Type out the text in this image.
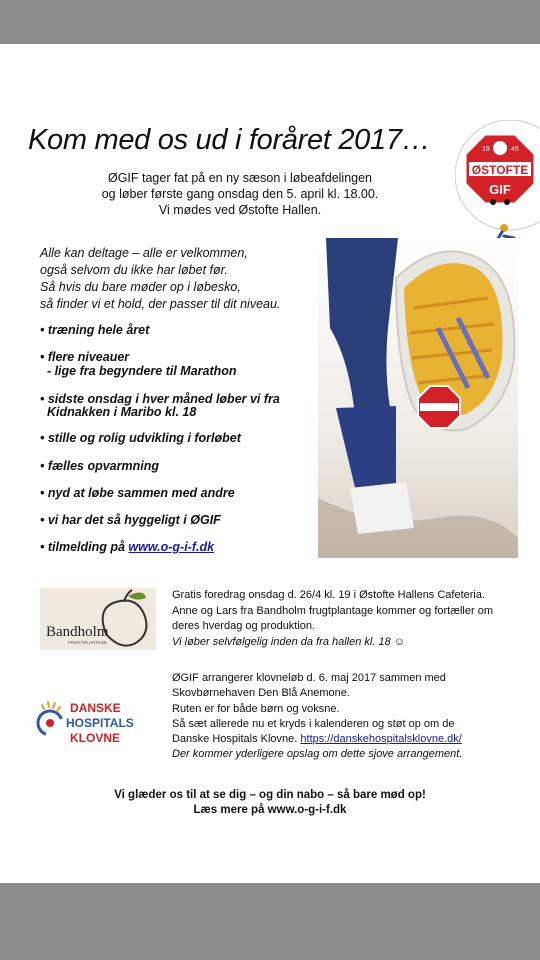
Kom med os ud i foråret 2017…
ØGIF tager fat på en ny sæson i løbeafdelingen
og løber første gang onsdag den 5. april kl. 18.00.
Vi mødes ved Østofte Hallen.
ØSTOFTE
GIF
19	45
Alle kan deltage – alle er velkommen,
også selvom du ikke har løbet før.
Så hvis du bare møder op i løbesko,
så finder vi et hold, der passer til dit niveau.
• træning hele året
• flere niveauer
- lige fra begyndere til Marathon
• sidste onsdag i hver måned løber vi fra
Kidnakken i Maribo kl. 18
• stille og rolig udvikling i forløbet
• fælles opvarmning
• nyd at løbe sammen med andre
• vi har det så hyggeligt i ØGIF
• tilmelding på www.o-g-i-f.dk
Bandholm
FRUGTPLANTAGE
Gratis foredrag onsdag d. 26/4 kl. 19 i Østofte Hallens Cafeteria.
Anne og Lars fra Bandholm frugtplantage kommer og fortæller om
deres hverdag og produktion.
Vi løber selvfølgelig inden da fra hallen kl. 18 ☺
DANSKE
HOSPITALS
KLOVNE
ØGIF arrangerer klovneløb d. 6. maj 2017 sammen med
Skovbørnehaven Den Blå Anemone.
Ruten er for både børn og voksne.
Så sæt allerede nu et kryds i kalenderen og støt op om de
Danske Hospitals Klovne. https://danskehospitalsklovne.dk/
Der kommer yderligere opslag om dette sjove arrangement.
Vi glæder os til at se dig – og din nabo – så bare mød op!
Læs mere på www.o-g-i-f.dk
